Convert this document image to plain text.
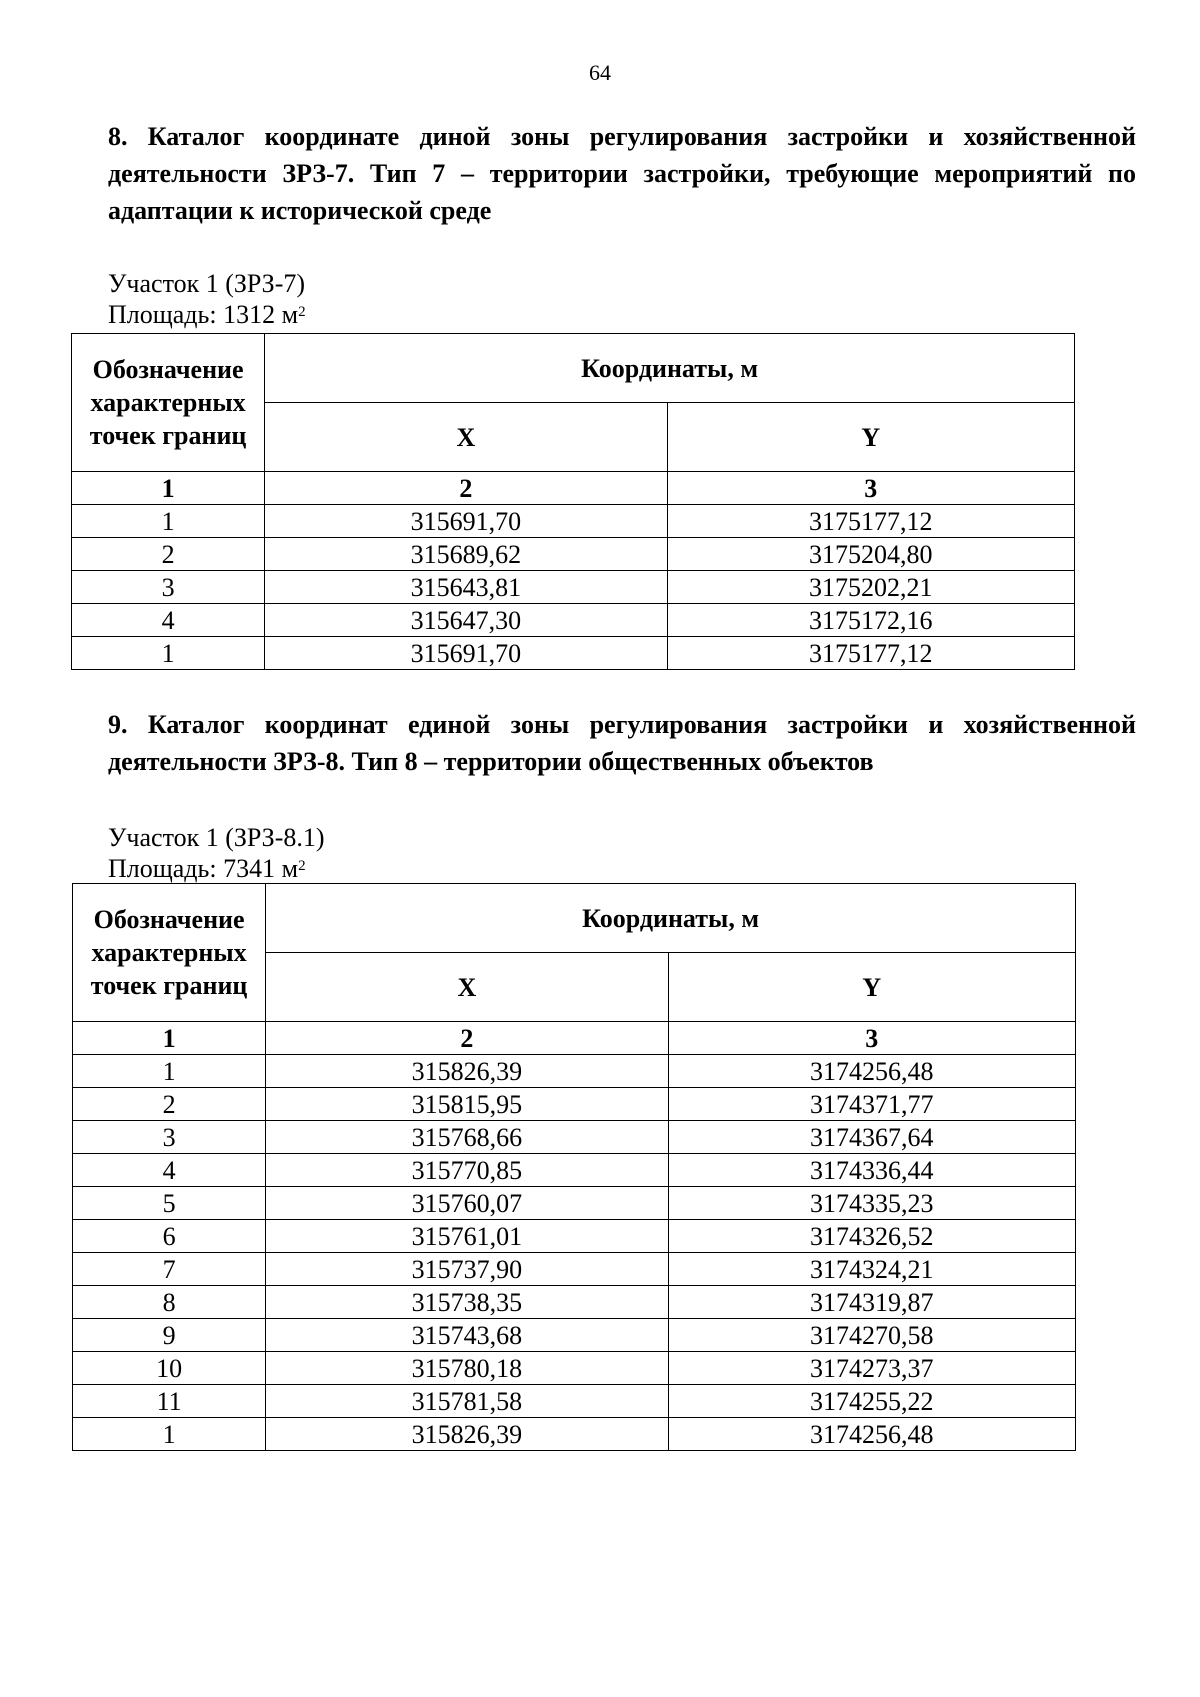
64
8. Каталог координате диной зоны регулирования застройки и хозяйственной деятельности ЗРЗ-7. Тип 7 – территории застройки, требующие мероприятий по адаптации к исторической среде
Участок 1 (ЗРЗ-7)
Площадь: 1312 $м^2$
Обозначение характерных точек границ	Координаты, м	
	X	Y
1	2	3
1	315691,70	3175177,12
2	315689,62	3175204,80
3	315643,81	3175202,21
4	315647,30	3175172,16
1	315691,70	3175177,12
9. Каталог координат единой зоны регулирования застройки и хозяйственной деятельности ЗРЗ-8. Тип 8 – территории общественных объектов
Участок 1 (ЗРЗ-8.1)
Площадь: 7341 $м^2$
Обозначение характерных точек границ	Координаты, м	
	X	Y
1	2	3
1	315826,39	3174256,48
2	315815,95	3174371,77
3	315768,66	3174367,64
4	315770,85	3174336,44
5	315760,07	3174335,23
6	315761,01	3174326,52
7	315737,90	3174324,21
8	315738,35	3174319,87
9	315743,68	3174270,58
10	315780,18	3174273,37
11	315781,58	3174255,22
1	315826,39	3174256,48
